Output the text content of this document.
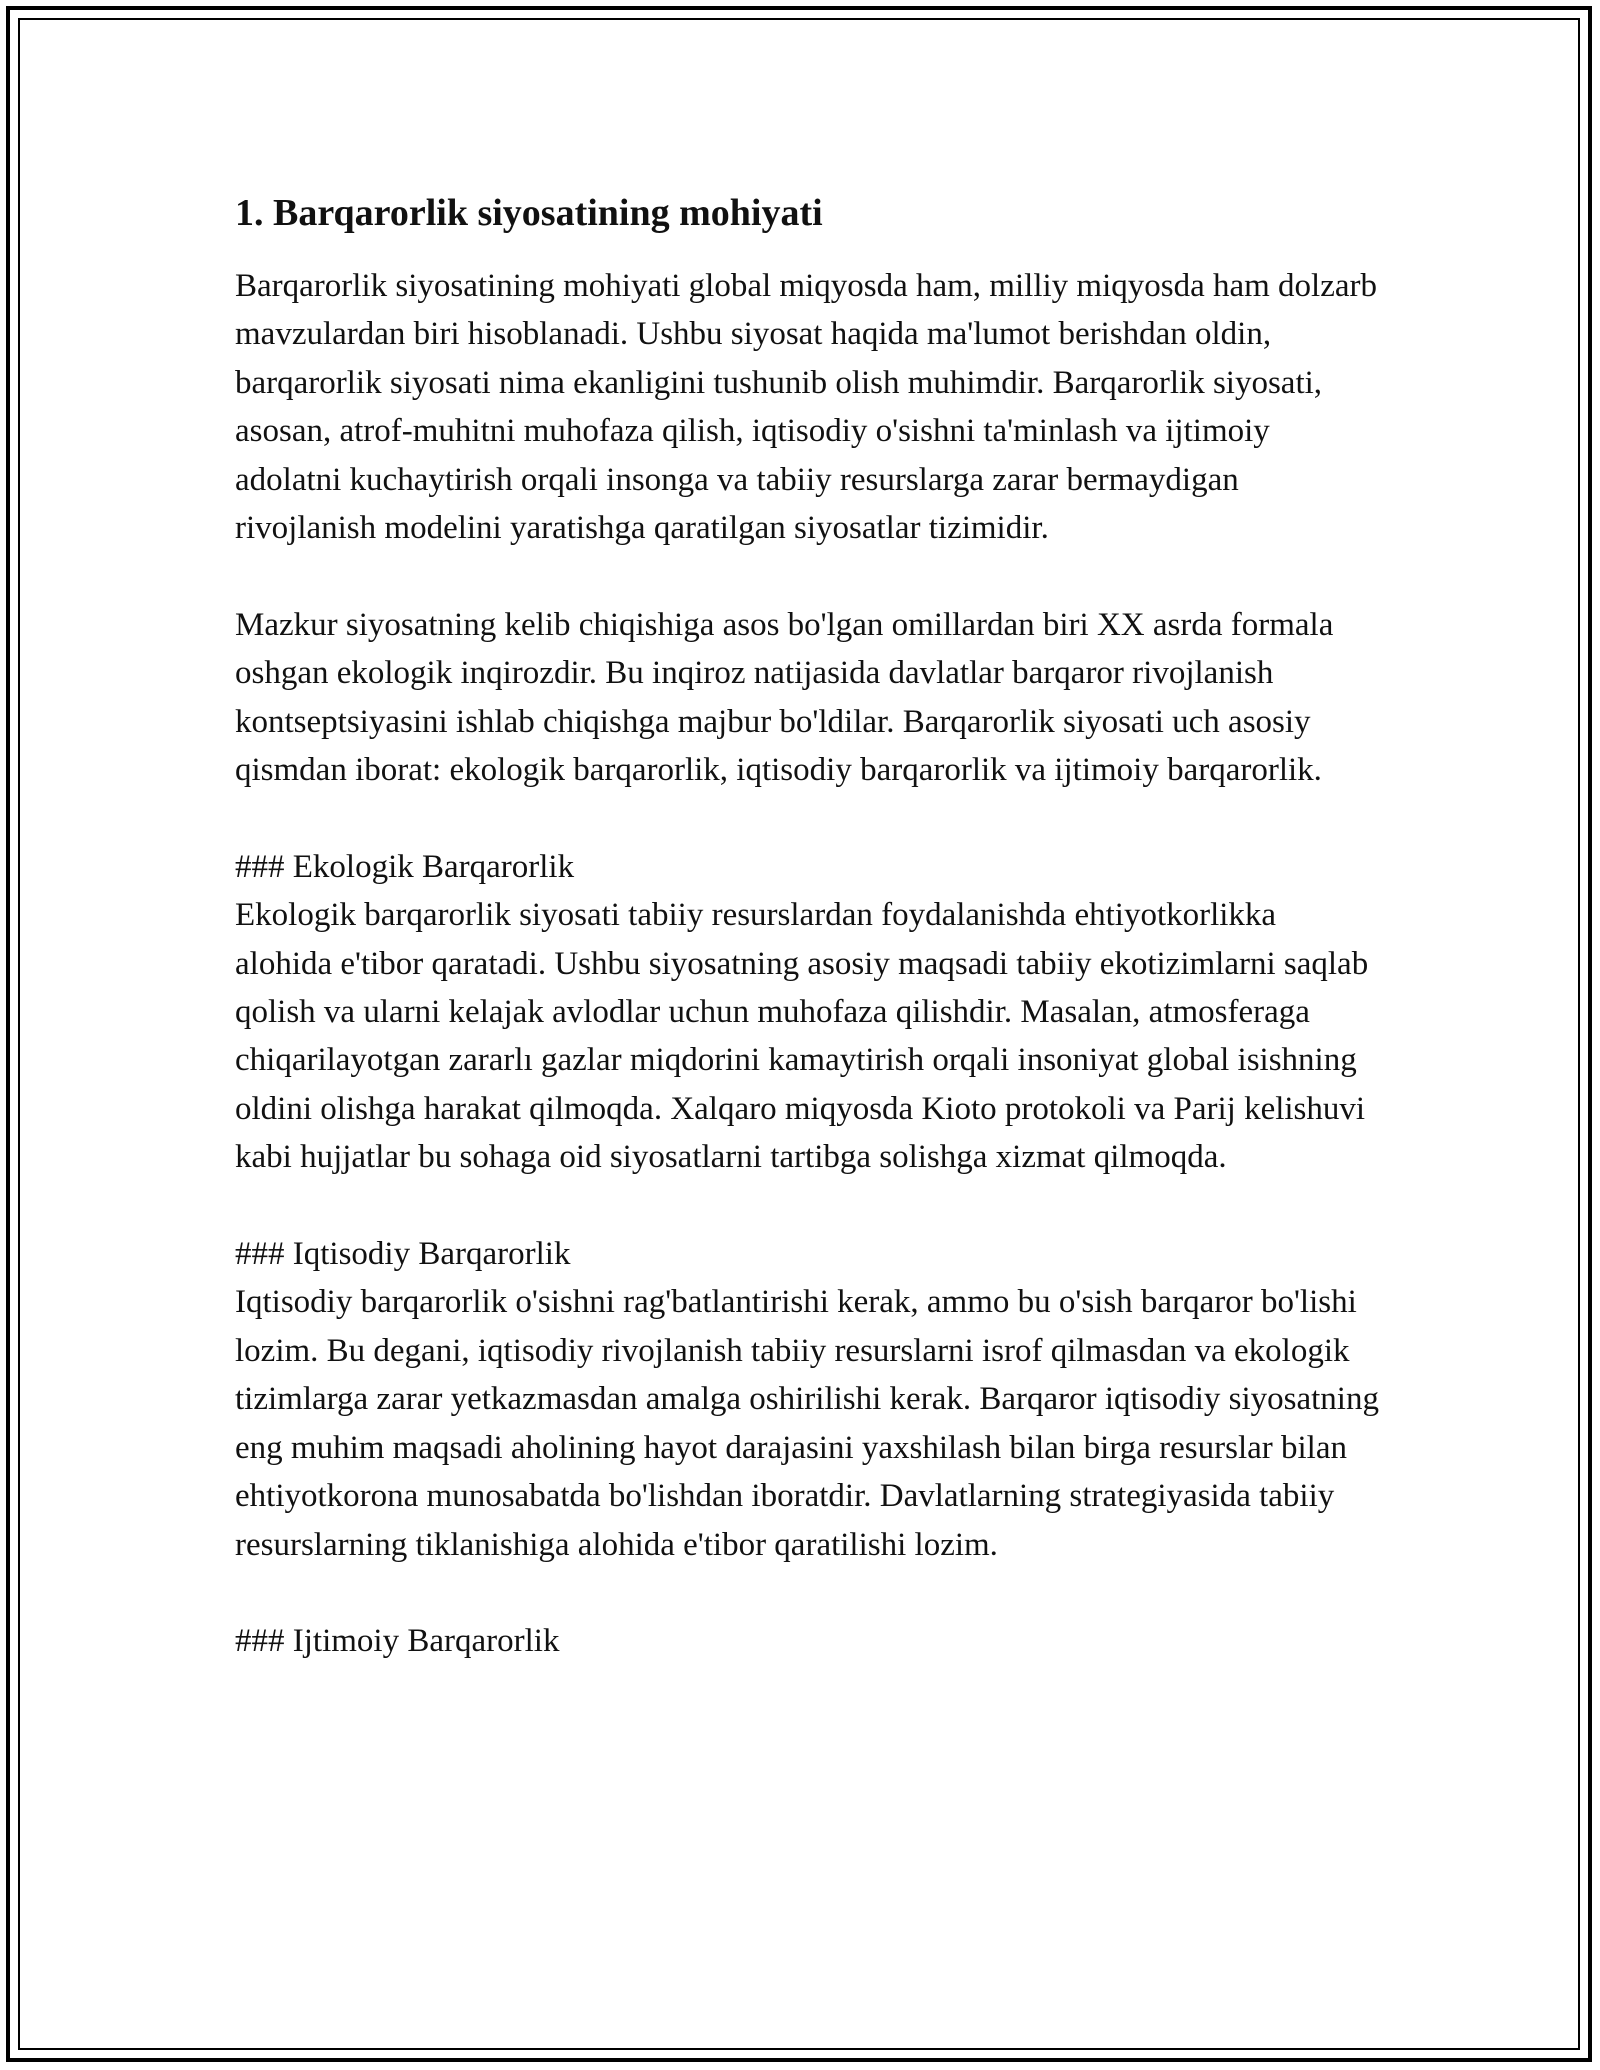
1. Barqarorlik siyosatining mohiyati

Barqarorlik siyosatining mohiyati global miqyosda ham, milliy miqyosda ham dolzarb mavzulardan biri hisoblanadi. Ushbu siyosat haqida ma'lumot berishdan oldin, barqarorlik siyosati nima ekanligini tushunib olish muhimdir. Barqarorlik siyosati, asosan, atrof-muhitni muhofaza qilish, iqtisodiy o'sishni ta'minlash va ijtimoiy adolatni kuchaytirish orqali insonga va tabiiy resurslarga zarar bermaydigan rivojlanish modelini yaratishga qaratilgan siyosatlar tizimidir.

Mazkur siyosatning kelib chiqishiga asos bo'lgan omillardan biri XX asrda formala oshgan ekologik inqirozdir. Bu inqiroz natijasida davlatlar barqaror rivojlanish kontseptsiyasini ishlab chiqishga majbur bo'ldilar. Barqarorlik siyosati uch asosiy qismdan iborat: ekologik barqarorlik, iqtisodiy barqarorlik va ijtimoiy barqarorlik.

### Ekologik Barqarorlik

Ekologik barqarorlik siyosati tabiiy resurslardan foydalanishda ehtiyotkorlikka alohida e'tibor qaratadi. Ushbu siyosatning asosiy maqsadi tabiiy ekotizimlarni saqlab qolish va ularni kelajak avlodlar uchun muhofaza qilishdir. Masalan, atmosferaga chiqarilayotgan zararlı gazlar miqdorini kamaytirish orqali insoniyat global isishning oldini olishga harakat qilmoqda. Xalqaro miqyosda Kioto protokoli va Parij kelishuvi kabi hujjatlar bu sohaga oid siyosatlarni tartibga solishga xizmat qilmoqda.

### Iqtisodiy Barqarorlik

Iqtisodiy barqarorlik o'sishni rag'batlantirishi kerak, ammo bu o'sish barqaror bo'lishi lozim. Bu degani, iqtisodiy rivojlanish tabiiy resurslarni isrof qilmasdan va ekologik tizimlarga zarar yetkazmasdan amalga oshirilishi kerak. Barqaror iqtisodiy siyosatning eng muhim maqsadi aholining hayot darajasini yaxshilash bilan birga resurslar bilan ehtiyotkorona munosabatda bo'lishdan iboratdir. Davlatlarning strategiyasida tabiiy resurslarning tiklanishiga alohida e'tibor qaratilishi lozim.

### Ijtimoiy Barqarorlik
